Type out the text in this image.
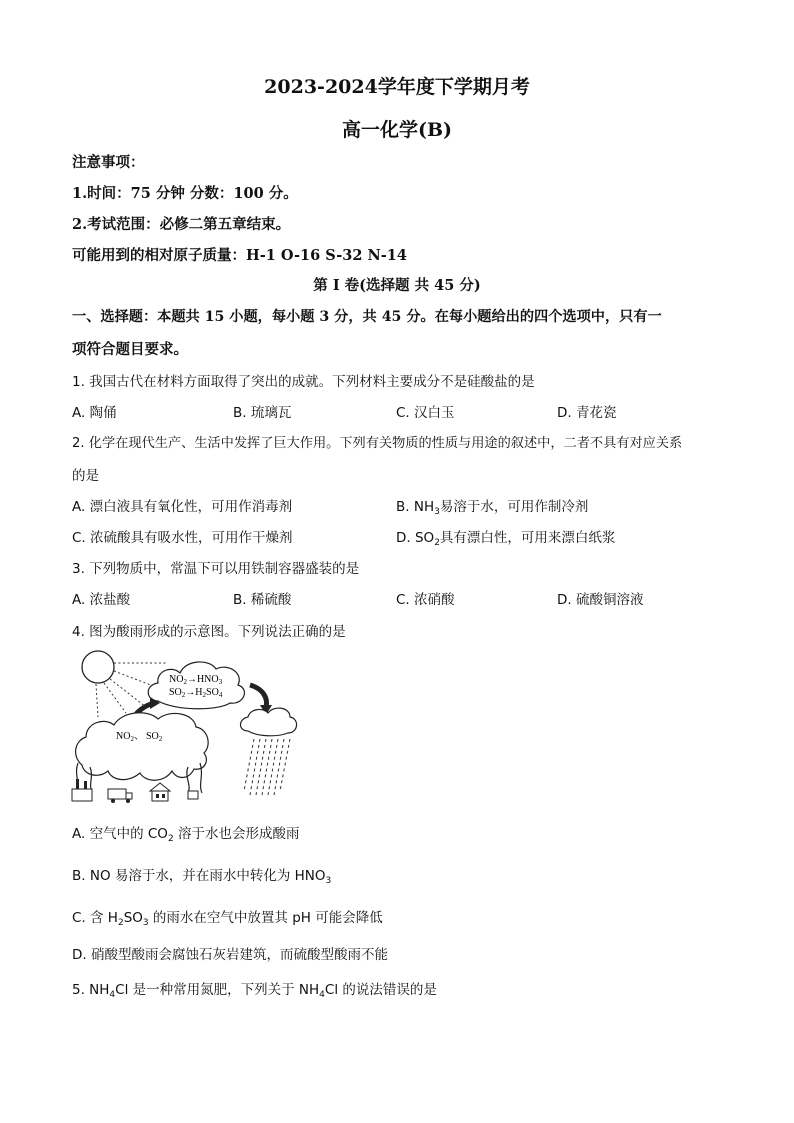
2023-2024学年度下学期月考
高一化学(B)
注意事项：
1.时间：75 分钟 分数：100 分。
2.考试范围：必修二第五章结束。
可能用到的相对原子质量：H-1 O-16 S-32 N-14
第 I 卷(选择题 共 45 分)
一、选择题：本题共 15 小题，每小题 3 分，共 45 分。在每小题给出的四个选项中，只有一
项符合题目要求。
1. 我国古代在材料方面取得了突出的成就。下列材料主要成分不是硅酸盐的是
A. 陶俑	B. 琉璃瓦	C. 汉白玉	D. 青花瓷
2. 化学在现代生产、生活中发挥了巨大作用。下列有关物质的性质与用途的叙述中，二者不具有对应关系
的是
A. 漂白液具有氧化性，可用作消毒剂	B. $NH_3$易溶于水，可用作制冷剂
C. 浓硫酸具有吸水性，可用作干燥剂	D. $SO_2$具有漂白性，可用来漂白纸浆
3. 下列物质中，常温下可以用铁制容器盛装的是
A. 浓盐酸	B. 稀硫酸	C. 浓硝酸	D. 硫酸铜溶液
4. 图为酸雨形成的示意图。下列说法正确的是
$NO_2\to HNO_3$
$SO_2\to H_2SO_4$
$NO_2$、 $SO_2$
A. 空气中的 $CO_2$ 溶于水也会形成酸雨
B. NO 易溶于水，并在雨水中转化为 $HNO_3$
C. 含 $H_2SO_3$ 的雨水在空气中放置其 pH 可能会降低
D. 硝酸型酸雨会腐蚀石灰岩建筑，而硫酸型酸雨不能
5. $NH_4Cl$ 是一种常用氮肥，下列关于 $NH_4Cl$ 的说法错误的是
